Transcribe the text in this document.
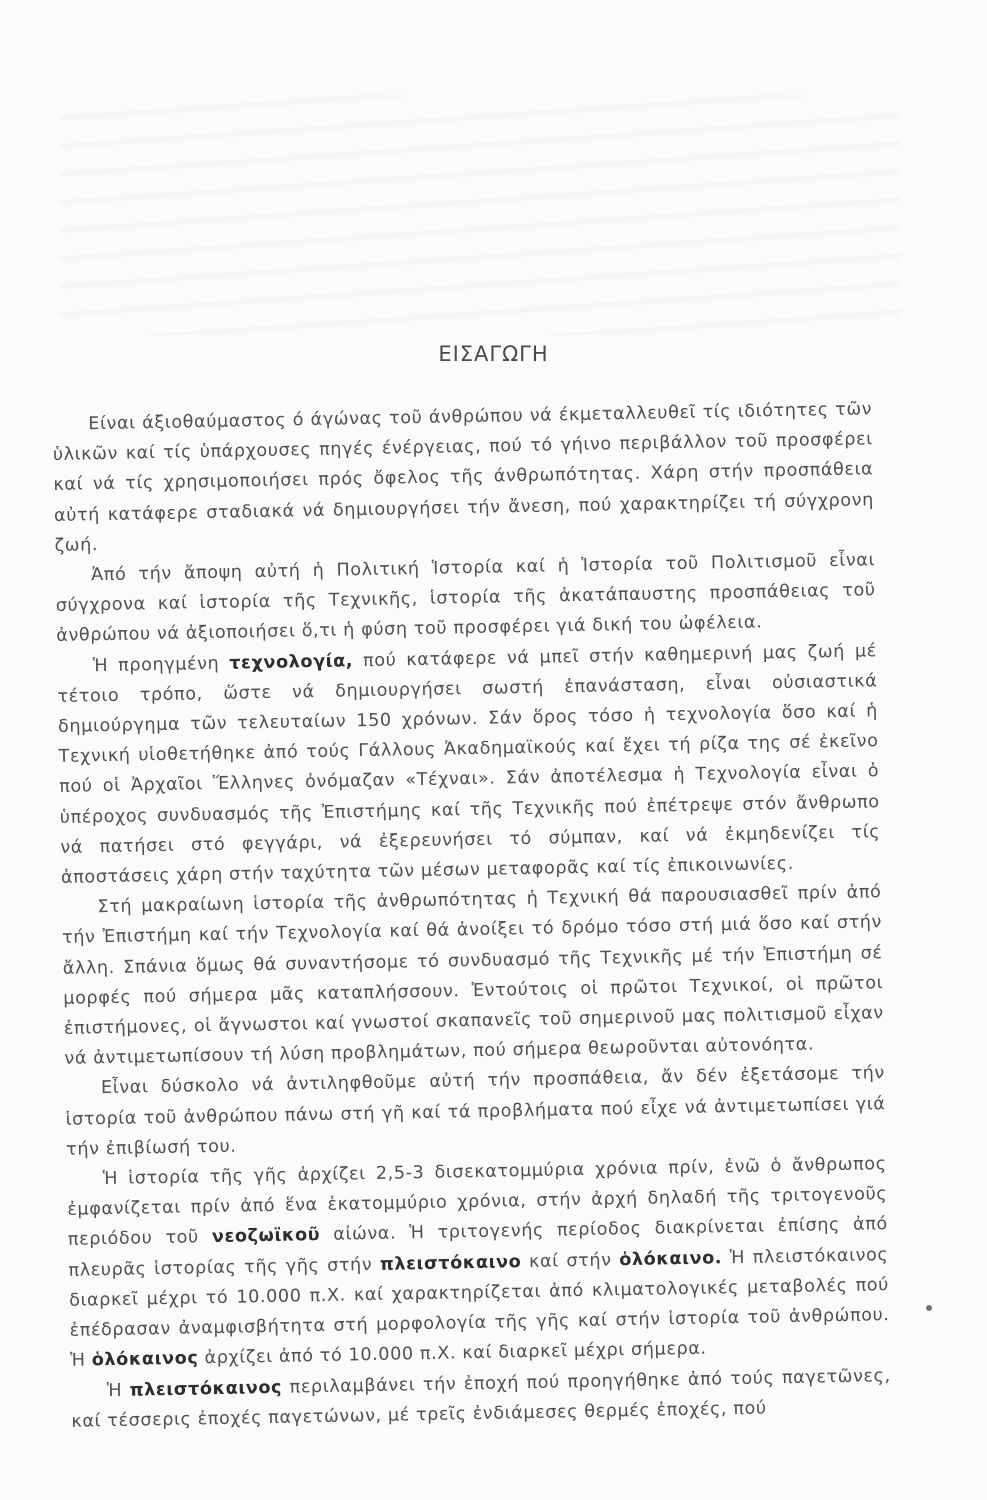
ΕΙΣΑΓΩΓΗ

Είναι άξιοθαύμαστος ό άγώνας τοῦ άνθρώπου νά έκμεταλλευθεῖ τίς ιδιότητες τῶν ὑλικῶν καί τίς ὑπάρχουσες πηγές ένέργειας, πού τό γήινο περιβάλλον τοῦ προσφέρει καί νά τίς χρησιμοποιήσει πρός ὄφελος τῆς άνθρωπότητας. Χάρη στήν προσπάθεια αὐτή κατάφερε σταδιακά νά δημιουργήσει τήν ἄνεση, πού χαρακτηρίζει τή σύγχρονη ζωή.

Ἀπό τήν ἄποψη αὐτή ἡ Πολιτική Ἱστορία καί ἡ Ἱστορία τοῦ Πολιτισμοῦ εἶναι σύγχρονα καί ἱστορία τῆς Τεχνικῆς, ἱστορία τῆς ἀκατάπαυστης προσπάθειας τοῦ ἀνθρώπου νά ἀξιοποιήσει ὅ,τι ἡ φύση τοῦ προσφέρει γιά δική του ὠφέλεια.

Ἡ προηγμένη τεχνολογία, πού κατάφερε νά μπεῖ στήν καθημερινή μας ζωή μέ τέτοιο τρόπο, ὥστε νά δημιουργήσει σωστή ἐπανάσταση, εἶναι οὐσιαστικά δημιούργημα τῶν τελευταίων 150 χρόνων. Σάν ὅρος τόσο ἡ τεχνολογία ὅσο καί ἡ Τεχνική υἱοθετήθηκε ἀπό τούς Γάλλους Ἀκαδημαϊκούς καί ἔχει τή ρίζα της σέ ἐκεῖνο πού οἱ Ἀρχαῖοι Ἕλληνες ὀνόμαζαν «Τέχναι». Σάν ἀποτέλεσμα ἡ Τεχνολογία εἶναι ὁ ὑπέροχος συνδυασμός τῆς Ἐπιστήμης καί τῆς Τεχνικῆς πού ἐπέτρεψε στόν ἄνθρωπο νά πατήσει στό φεγγάρι, νά ἐξερευνήσει τό σύμπαν, καί νά ἐκμηδενίζει τίς ἀποστάσεις χάρη στήν ταχύτητα τῶν μέσων μεταφορᾶς καί τίς ἐπικοινωνίες.

Στή μακραίωνη ἱστορία τῆς ἀνθρωπότητας ἡ Τεχνική θά παρουσιασθεῖ πρίν ἀπό τήν Ἐπιστήμη καί τήν Τεχνολογία καί θά ἀνοίξει τό δρόμο τόσο στή μιά ὅσο καί στήν ἄλλη. Σπάνια ὅμως θά συναντήσομε τό συνδυασμό τῆς Τεχνικῆς μέ τήν Ἐπιστήμη σέ μορφές πού σήμερα μᾶς καταπλήσσουν. Ἐντούτοις οἱ πρῶτοι Τεχνικοί, οἱ πρῶτοι ἐπιστήμονες, οἱ ἄγνωστοι καί γνωστοί σκαπανεῖς τοῦ σημερινοῦ μας πολιτισμοῦ εἶχαν νά ἀντιμετωπίσουν τή λύση προβλημάτων, πού σήμερα θεωροῦνται αὐτονόητα.

Εἶναι δύσκολο νά ἀντιληφθοῦμε αὐτή τήν προσπάθεια, ἄν δέν ἐξετάσομε τήν ἱστορία τοῦ ἀνθρώπου πάνω στή γῆ καί τά προβλήματα πού εἶχε νά ἀντιμετωπίσει γιά τήν ἐπιβίωσή του.

Ἡ ἱστορία τῆς γῆς ἀρχίζει 2,5-3 δισεκατομμύρια χρόνια πρίν, ἐνῶ ὁ ἄνθρωπος ἐμφανίζεται πρίν ἀπό ἕνα ἑκατομμύριο χρόνια, στήν ἀρχή δηλαδή τῆς τριτογενοῦς περιόδου τοῦ νεοζωϊκοῦ αἰώνα. Ἡ τριτογενής περίοδος διακρίνεται ἐπίσης ἀπό πλευρᾶς ἱστορίας τῆς γῆς στήν πλειστόκαινο καί στήν ὁλόκαινο. Ἡ πλειστόκαινος διαρκεῖ μέχρι τό 10.000 π.Χ. καί χαρακτηρίζεται ἀπό κλιματολογικές μεταβολές πού ἐπέδρασαν ἀναμφισβήτητα στή μορφολογία τῆς γῆς καί στήν ἱστορία τοῦ ἀνθρώπου. Ἡ ὁλόκαινος ἀρχίζει ἀπό τό 10.000 π.Χ. καί διαρκεῖ μέχρι σήμερα.

Ἡ πλειστόκαινος περιλαμβάνει τήν ἐποχή πού προηγήθηκε ἀπό τούς παγετῶνες, καί τέσσερις ἐποχές παγετώνων, μέ τρεῖς ἐνδιάμεσες θερμές ἐποχές, πού
